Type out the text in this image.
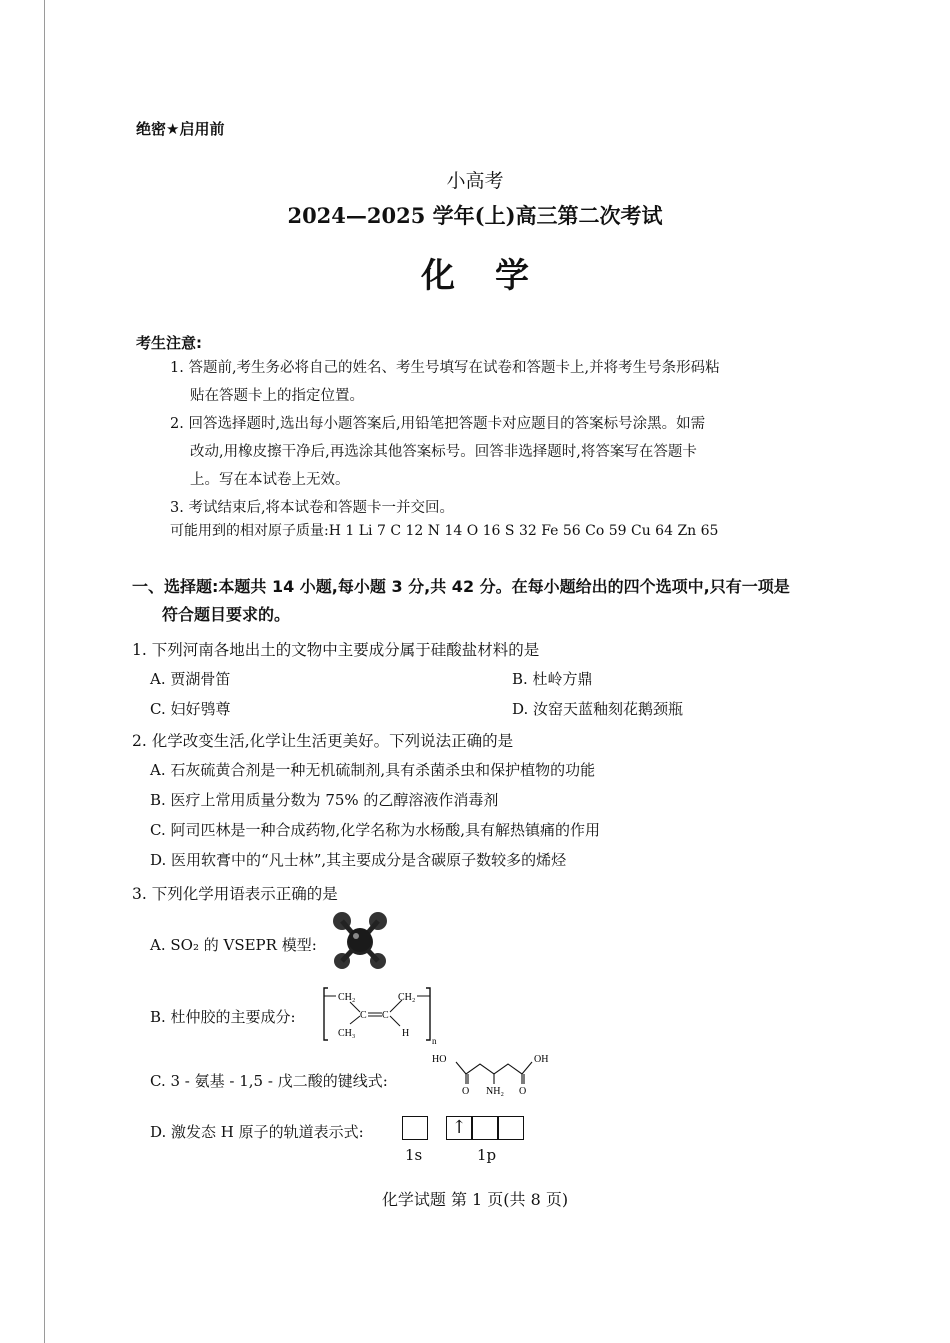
绝密★启用前
小高考
2024—2025 学年(上)高三第二次考试
化学
考生注意:
1. 答题前,考生务必将自己的姓名、考生号填写在试卷和答题卡上,并将考生号条形码粘
贴在答题卡上的指定位置。
2. 回答选择题时,选出每小题答案后,用铅笔把答题卡对应题目的答案标号涂黑。如需
改动,用橡皮擦干净后,再选涂其他答案标号。回答非选择题时,将答案写在答题卡
上。写在本试卷上无效。
3. 考试结束后,将本试卷和答题卡一并交回。
可能用到的相对原子质量:H 1 Li 7 C 12 N 14 O 16 S 32 Fe 56 Co 59 Cu 64 Zn 65
一、选择题:本题共 14 小题,每小题 3 分,共 42 分。在每小题给出的四个选项中,只有一项是
符合题目要求的。
1. 下列河南各地出土的文物中主要成分属于硅酸盐材料的是
A. 贾湖骨笛	B. 杜岭方鼎
C. 妇好鸮尊	D. 汝窑天蓝釉刻花鹅颈瓶
2. 化学改变生活,化学让生活更美好。下列说法正确的是
A. 石灰硫黄合剂是一种无机硫制剂,具有杀菌杀虫和保护植物的功能
B. 医疗上常用质量分数为 75% 的乙醇溶液作消毒剂
C. 阿司匹林是一种合成药物,化学名称为水杨酸,具有解热镇痛的作用
D. 医用软膏中的“凡士林”,其主要成分是含碳原子数较多的烯烃
3. 下列化学用语表示正确的是
A. SO₂ 的 VSEPR 模型:
B. 杜仲胶的主要成分:
CH₂	CH₂
C C
CH₃	H
n
C. 3 - 氨基 - 1,5 - 戊二酸的键线式:
HO	OH
O NH₂ O
D. 激发态 H 原子的轨道表示式:	↑
1s	1p
化学试题 第 1 页(共 8 页)
